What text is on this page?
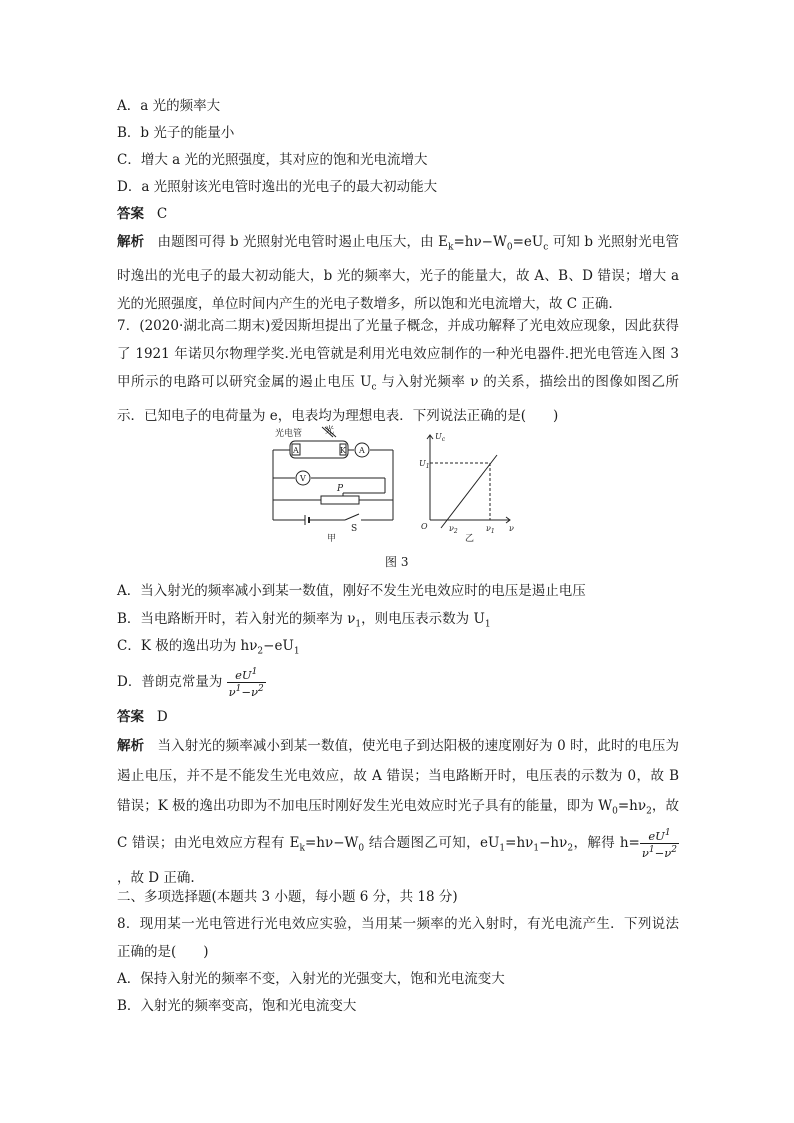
A．a 光的频率大
B．b 光子的能量小
C．增大 a 光的光照强度，其对应的饱和光电流增大
D．a 光照射该光电管时逸出的光电子的最大初动能大
答案 C
解析 由题图可得 b 光照射光电管时遏止电压大，由 $E_k=h\nu-W_0=eU_c$ 可知 b 光照射光电管时逸出的光电子的最大初动能大，b 光的频率大，光子的能量大，故 A、B、D 错误；增大 a 光的光照强度，单位时间内产生的光电子数增多，所以饱和光电流增大，故 C 正确.
7．(2020·湖北高二期末)爱因斯坦提出了光量子概念，并成功解释了光电效应现象，因此获得了 1921 年诺贝尔物理学奖.光电管就是利用光电效应制作的一种光电器件.把光电管连入图 3 甲所示的电路可以研究金属的遏止电压 $U_c$ 与入射光频率 ν 的关系，描绘出的图像如图乙所示．已知电子的电荷量为 e，电表均为理想电表．下列说法正确的是(　　)
光电管	光
A	K A
V
P
S
甲
$U_c$
$U_1$
O	$\nu_2$	$\nu_1$ ν
乙
图 3
A．当入射光的频率减小到某一数值，刚好不发生光电效应时的电压是遏止电压
B．当电路断开时，若入射光的频率为 $\nu_1$，则电压表示数为 $U_1$
C．K 极的逸出功为 $h\nu_2-eU_1$
D．普朗克常量为 $\frac{eU^1}{\nu^1-\nu^2}$
答案 D
解析 当入射光的频率减小到某一数值，使光电子到达阳极的速度刚好为 0 时，此时的电压为遏止电压，并不是不能发生光电效应，故 A 错误；当电路断开时，电压表的示数为 0，故 B 错误；K 极的逸出功即为不加电压时刚好发生光电效应时光子具有的能量，即为 $W_0=h\nu_2$，故 C 错误；由光电效应方程有 $E_k=h\nu-W_0$ 结合题图乙可知，$eU_1=h\nu_1-h\nu_2$，解得 $h= \frac{eU^1}{\nu^1-\nu^2}$
，故 D 正确.
二、多项选择题(本题共 3 小题，每小题 6 分，共 18 分)
8．现用某一光电管进行光电效应实验，当用某一频率的光入射时，有光电流产生．下列说法正确的是(　　)
A．保持入射光的频率不变，入射光的光强变大，饱和光电流变大
B．入射光的频率变高，饱和光电流变大
